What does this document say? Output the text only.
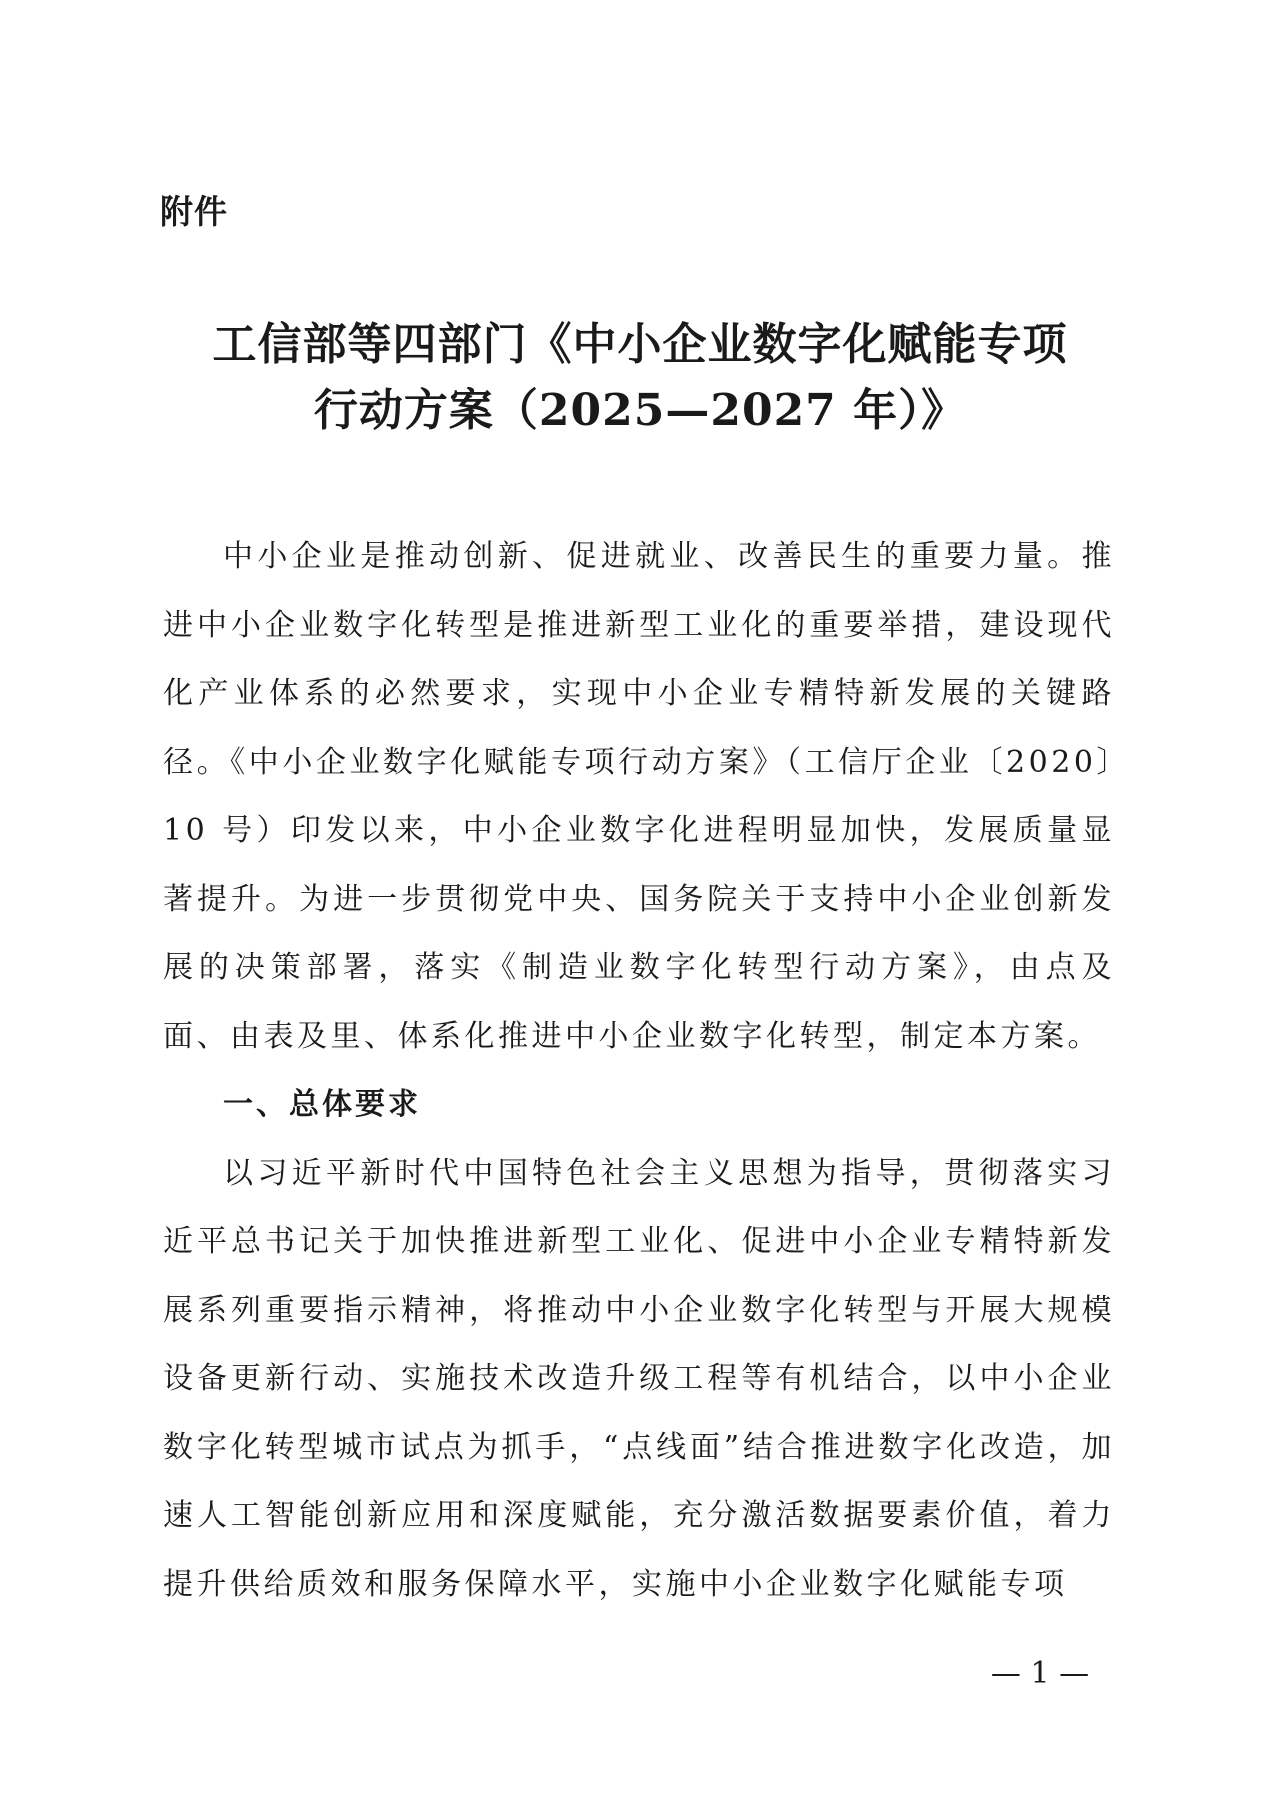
附件
工信部等四部门《中小企业数字化赋能专项
行动方案（2025—2027 年）》

中小企业是推动创新、促进就业、改善民生的重要力量。推进中小企业数字化转型是推进新型工业化的重要举措，建设现代化产业体系的必然要求，实现中小企业专精特新发展的关键路径。《中小企业数字化赋能专项行动方案》（工信厅企业〔2020〕10 号）印发以来，中小企业数字化进程明显加快，发展质量显著提升。为进一步贯彻党中央、国务院关于支持中小企业创新发展的决策部署，落实《制造业数字化转型行动方案》，由点及面、由表及里、体系化推进中小企业数字化转型，制定本方案。

一、总体要求

以习近平新时代中国特色社会主义思想为指导，贯彻落实习近平总书记关于加快推进新型工业化、促进中小企业专精特新发展系列重要指示精神，将推动中小企业数字化转型与开展大规模设备更新行动、实施技术改造升级工程等有机结合，以中小企业数字化转型城市试点为抓手，“点线面”结合推进数字化改造，加速人工智能创新应用和深度赋能，充分激活数据要素价值，着力提升供给质效和服务保障水平，实施中小企业数字化赋能专项

— 1 —
